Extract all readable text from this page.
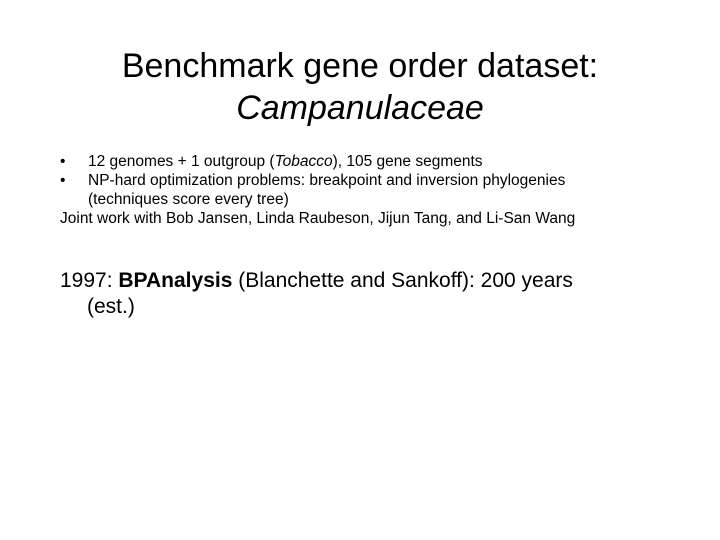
Benchmark gene order dataset:
Campanulaceae
•	12 genomes + 1 outgroup (Tobacco), 105 gene segments
•	NP-hard optimization problems: breakpoint and inversion phylogenies
(techniques score every tree)
Joint work with Bob Jansen, Linda Raubeson, Jijun Tang, and Li-San Wang
1997: BPAnalysis (Blanchette and Sankoff): 200 years
(est.)
